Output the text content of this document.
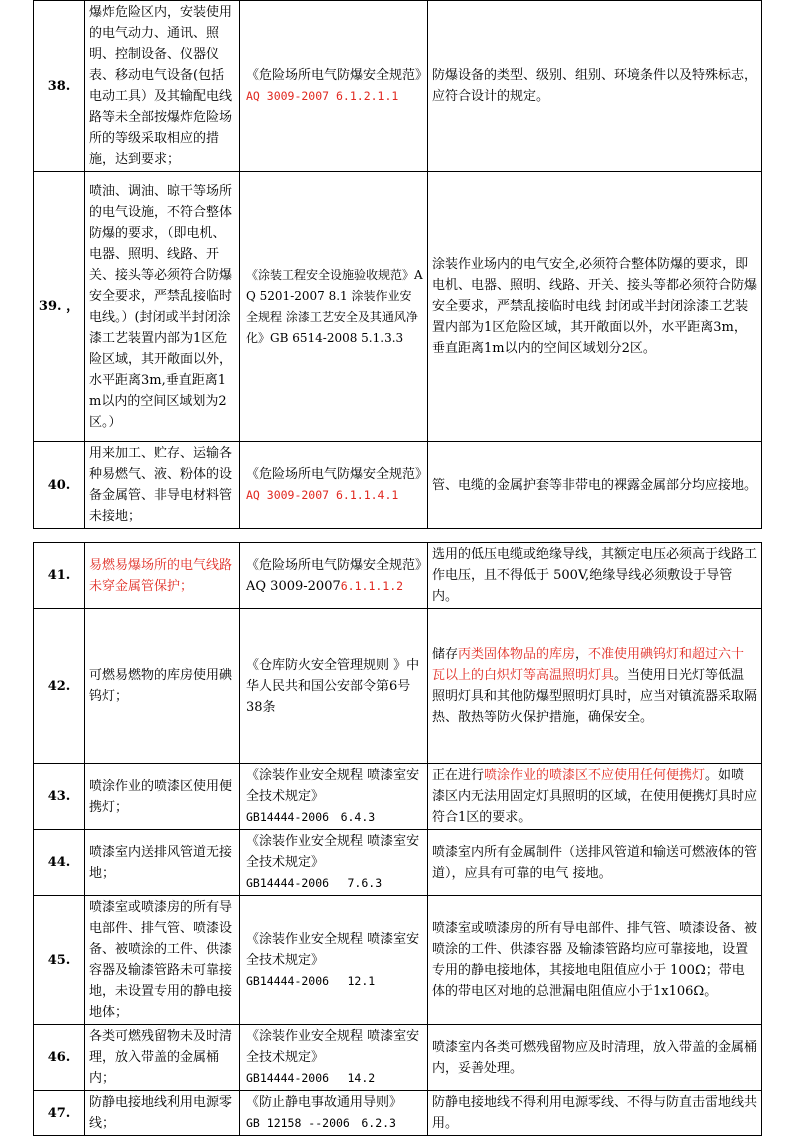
38.	爆炸危险区内，安装使用的电气动力、通讯、照明、控制设备、仪器仪表、移动电气设备(包括电动工具）及其输配电线路等未全部按爆炸危险场所的等级采取相应的措施，达到要求；	《危险场所电气防爆安全规范》AQ 3009-2007 6.1.2.1.1	防爆设备的类型、级别、组别、环境条件以及特殊标志，应符合设计的规定。
39. ，	喷油、调油、晾干等场所的电气设施，不符合整体防爆的要求，（即电机、电器、照明、线路、开关、接头等必须符合防爆安全要求，严禁乱接临时电线。）(封闭或半封闭涂漆工艺装置内部为1区危险区域，其开敞面以外，水平距离3m,垂直距离1m以内的空间区域划为2区。）	《涂装工程安全设施验收规范》AQ 5201-2007 8.1 涂装作业安全规程 涂漆工艺安全及其通风净化》GB 6514-2008 5.1.3.3	涂装作业场内的电气安全,必须符合整体防爆的要求，即电机、电器、照明、线路、开关、接头等都必须符合防爆安全要求，严禁乱接临时电线 封闭或半封闭涂漆工艺装置内部为1区危险区域，其开敞面以外，水平距离3m，垂直距离1m以内的空间区域划分2区。
40.	用来加工、贮存、运输各种易燃气、液、粉体的设备金属管、非导电材料管未接地；	《危险场所电气防爆安全规范》AQ 3009-2007 6.1.1.4.1	管、电缆的金属护套等非带电的裸露金属部分均应接地。
41.	易燃易爆场所的电气线路未穿金属管保护；	《危险场所电气防爆安全规范》AQ 3009-20076.1.1.1.2	选用的低压电缆或绝缘导线，其额定电压必须高于线路工作电压，且不得低于 500V,绝缘导线必须敷设于导管内。
42.	可燃易燃物的库房使用碘钨灯；	《仓库防火安全管理规则 》中华人民共和国公安部令第6号　38条	储存丙类固体物品的库房，不准使用碘钨灯和超过六十瓦以上的白炽灯等高温照明灯具。当使用日光灯等低温照明灯具和其他防爆型照明灯具时，应当对镇流器采取隔热、散热等防火保护措施，确保安全。
43.	喷涂作业的喷漆区使用便携灯；	《涂装作业安全规程 喷漆室安全技术规定》
GB14444-2006　6.4.3	正在进行喷涂作业的喷漆区不应使用任何便携灯。如喷漆区内无法用固定灯具照明的区域，在使用便携灯具时应符合1区的要求。
44.	喷漆室内送排风管道无接地；	《涂装作业安全规程 喷漆室安全技术规定》
GB14444-2006　 7.6.3	喷漆室内所有金属制件（送排风管道和输送可燃液体的管道），应具有可靠的电气 接地。
45.	喷漆室或喷漆房的所有导电部件、排气管、喷漆设备、被喷涂的工件、供漆容器及输漆管路未可靠接地，未设置专用的静电接地体；	《涂装作业安全规程 喷漆室安全技术规定》
GB14444-2006　 12.1	喷漆室或喷漆房的所有导电部件、排气管、喷漆设备、被喷涂的工件、供漆容器 及输漆管路均应可靠接地，设置专用的静电接地体，其接地电阻值应小于 100Ω；带电体的带电区对地的总泄漏电阻值应小于1x106Ω。
46.	各类可燃残留物未及时清理，放入带盖的金属桶内；	《涂装作业安全规程 喷漆室安全技术规定》
GB14444-2006　 14.2	喷漆室内各类可燃残留物应及时清理，放入带盖的金属桶内，妥善处理。
47.	防静电接地线利用电源零线；	《防止静电事故通用导则》
GB 12158 --2006　6.2.3	防静电接地线不得利用电源零线、不得与防直击雷地线共用。
